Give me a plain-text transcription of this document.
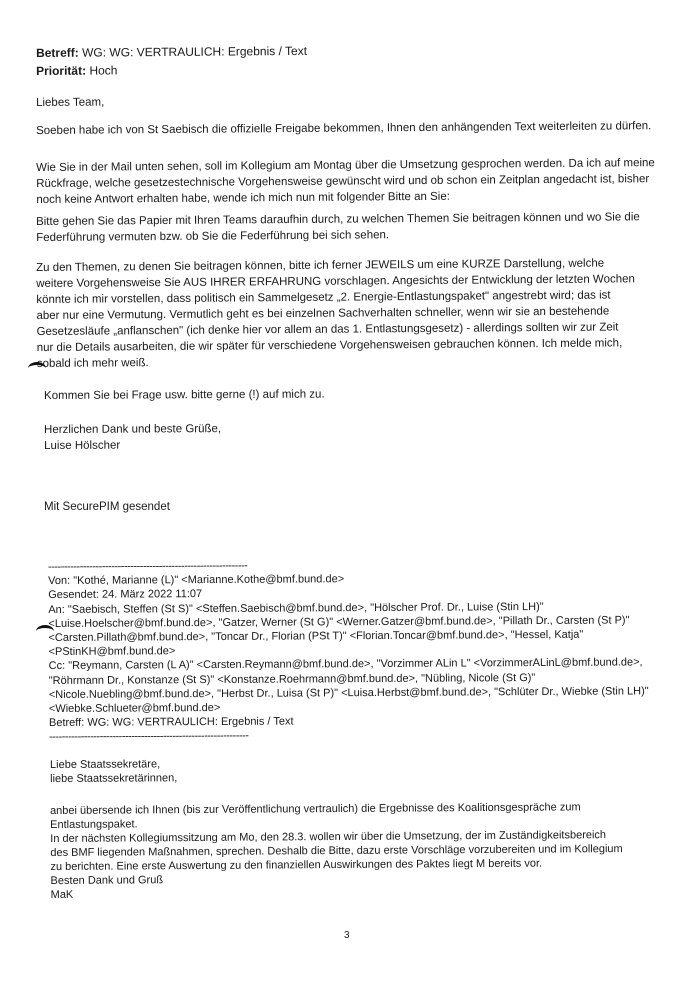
Betreff: WG: WG: VERTRAULICH: Ergebnis / Text
Priorität: Hoch
Liebes Team,
Soeben habe ich von St Saebisch die offizielle Freigabe bekommen, Ihnen den anhängenden Text weiterleiten zu dürfen.
Wie Sie in der Mail unten sehen, soll im Kollegium am Montag über die Umsetzung gesprochen werden. Da ich auf meine
Rückfrage, welche gesetzestechnische Vorgehensweise gewünscht wird und ob schon ein Zeitplan angedacht ist, bisher
noch keine Antwort erhalten habe, wende ich mich nun mit folgender Bitte an Sie:
Bitte gehen Sie das Papier mit Ihren Teams daraufhin durch, zu welchen Themen Sie beitragen können und wo Sie die
Federführung vermuten bzw. ob Sie die Federführung bei sich sehen.
Zu den Themen, zu denen Sie beitragen können, bitte ich ferner JEWEILS um eine KURZE Darstellung, welche
weitere Vorgehensweise Sie AUS IHRER ERFAHRUNG vorschlagen. Angesichts der Entwicklung der letzten Wochen
könnte ich mir vorstellen, dass politisch ein Sammelgesetz „2. Energie-Entlastungspaket" angestrebt wird; das ist
aber nur eine Vermutung. Vermutlich geht es bei einzelnen Sachverhalten schneller, wenn wir sie an bestehende
Gesetzesläufe „anflanschen" (ich denke hier vor allem an das 1. Entlastungsgesetz) - allerdings sollten wir zur Zeit
nur die Details ausarbeiten, die wir später für verschiedene Vorgehensweisen gebrauchen können. Ich melde mich,
sobald ich mehr weiß.
Kommen Sie bei Frage usw. bitte gerne (!) auf mich zu.
Herzlichen Dank und beste Grüße,
Luise Hölscher
Mit SecurePIM gesendet
---------------------------------------------------------------
Von: "Kothé, Marianne (L)" <Marianne.Kothe@bmf.bund.de>
Gesendet: 24. März 2022 11:07
An: "Saebisch, Steffen (St S)" <Steffen.Saebisch@bmf.bund.de>, "Hölscher Prof. Dr., Luise (Stin LH)"
<Luise.Hoelscher@bmf.bund.de>, "Gatzer, Werner (St G)" <Werner.Gatzer@bmf.bund.de>, "Pillath Dr., Carsten (St P)"
<Carsten.Pillath@bmf.bund.de>, "Toncar Dr., Florian (PSt T)" <Florian.Toncar@bmf.bund.de>, "Hessel, Katja"
<PStinKH@bmf.bund.de>
Cc: "Reymann, Carsten (L A)" <Carsten.Reymann@bmf.bund.de>, "Vorzimmer ALin L" <VorzimmerALinL@bmf.bund.de>,
"Röhrmann Dr., Konstanze (St S)" <Konstanze.Roehrmann@bmf.bund.de>, "Nübling, Nicole (St G)"
<Nicole.Nuebling@bmf.bund.de>, "Herbst Dr., Luisa (St P)" <Luisa.Herbst@bmf.bund.de>, "Schlüter Dr., Wiebke (Stin LH)"
<Wiebke.Schlueter@bmf.bund.de>
Betreff: WG: WG: VERTRAULICH: Ergebnis / Text
---------------------------------------------------------------
Liebe Staatssekretäre,
liebe Staatssekretärinnen,
anbei übersende ich Ihnen (bis zur Veröffentlichung vertraulich) die Ergebnisse des Koalitionsgespräche zum
Entlastungspaket.
In der nächsten Kollegiumssitzung am Mo, den 28.3. wollen wir über die Umsetzung, der im Zuständigkeitsbereich
des BMF liegenden Maßnahmen, sprechen. Deshalb die Bitte, dazu erste Vorschläge vorzubereiten und im Kollegium
zu berichten. Eine erste Auswertung zu den finanziellen Auswirkungen des Paktes liegt M bereits vor.
Besten Dank und Gruß
MaK
3
